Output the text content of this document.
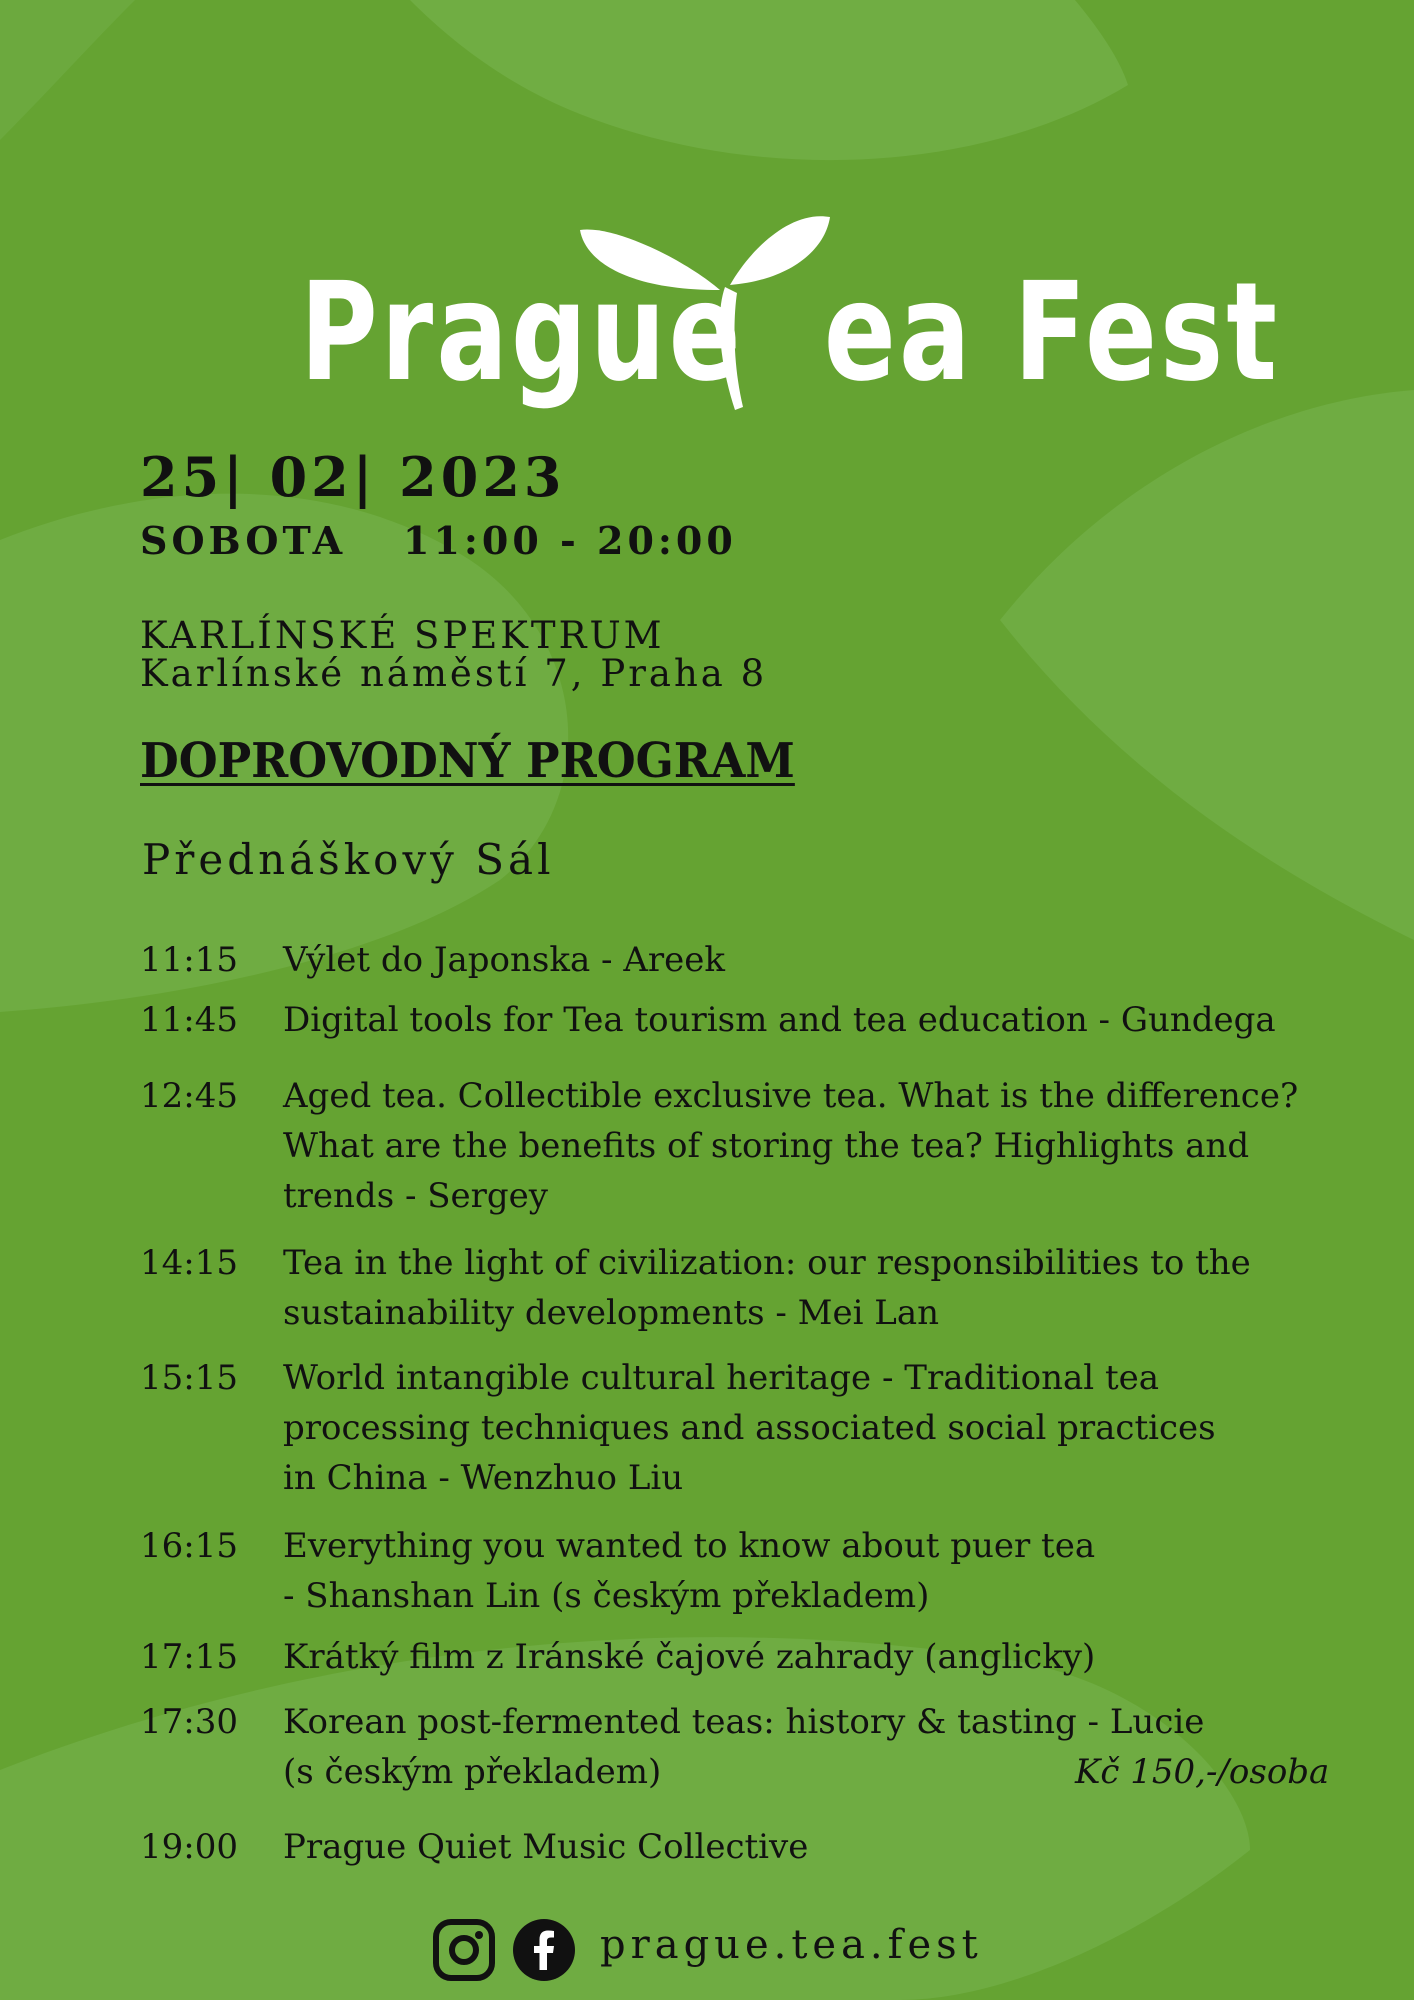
Prague  ea Fest
25| 02| 2023
SOBOTA 11:00 - 20:00
KARLÍNSKÉ SPEKTRUM
Karlínské náměstí 7, Praha 8
DOPROVODNÝ PROGRAM
Přednáškový Sál
11:15	Výlet do Japonska - Areek
11:45	Digital tools for Tea tourism and tea education - Gundega
12:45	Aged tea. Collectible exclusive tea. What is the difference?
What are the benefits of storing the tea? Highlights and
trends - Sergey
14:15	Tea in the light of civilization: our responsibilities to the
sustainability developments - Mei Lan
15:15	World intangible cultural heritage - Traditional tea
processing techniques and associated social practices
in China - Wenzhuo Liu
16:15	Everything you wanted to know about puer tea
- Shanshan Lin (s českým překladem)
17:15	Krátký film z Iránské čajové zahrady (anglicky)
17:30	Korean post-fermented teas: history & tasting - Lucie
(s českým překladem)	Kč 150,-/osoba
19:00	Prague Quiet Music Collective
prague.tea.fest
